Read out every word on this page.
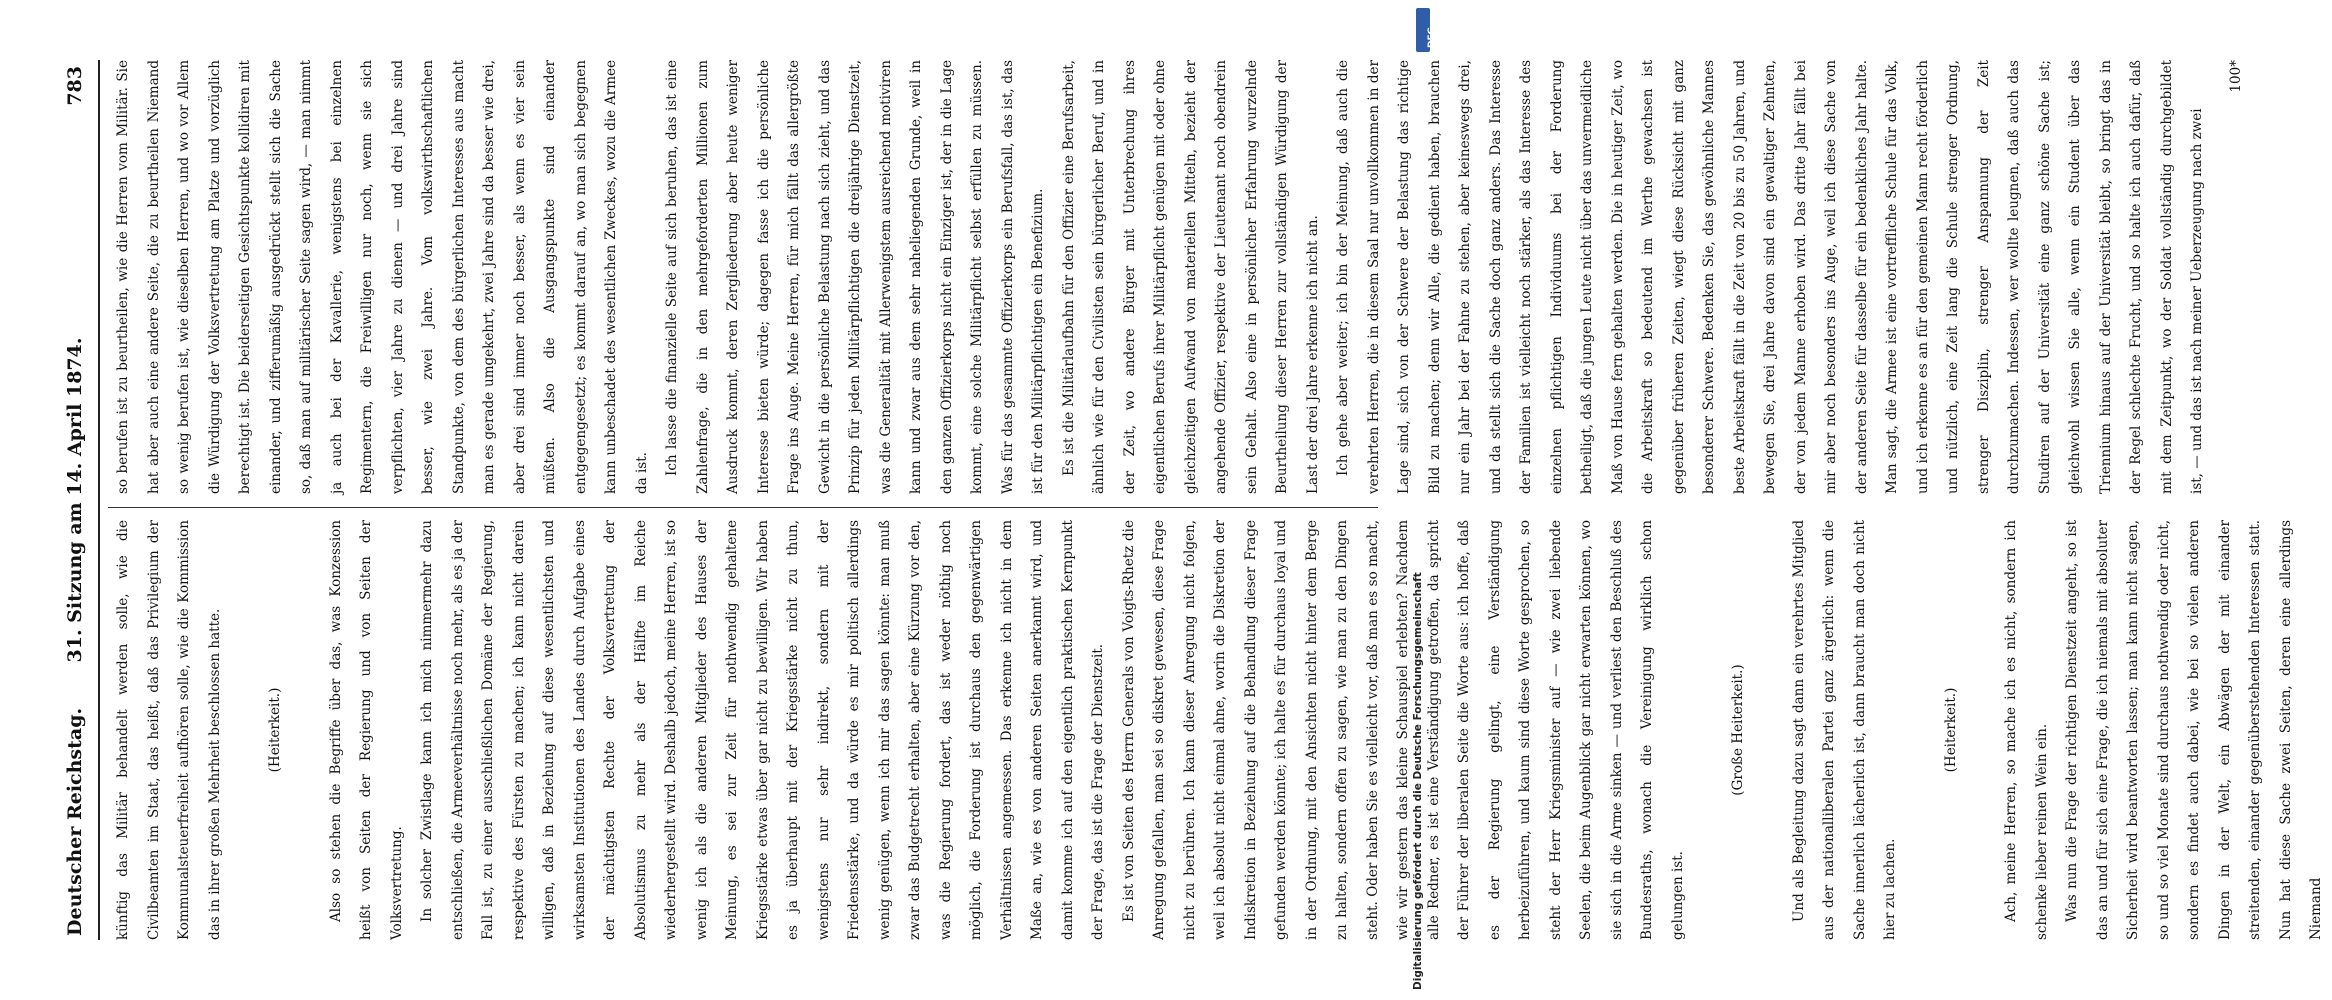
Deutscher Reichstag.
31. Sitzung am 14. April 1874.
783

künftig das Militär behandelt werden solle, wie die Civilbeamten im Staat, das heißt, daß das Privilegium der Kommunalsteuerfreiheit aufhören solle, wie die Kommission das in ihrer großen Mehrheit beschlossen hatte.	(Heiterkeit.)	Also so stehen die Begriffe über das, was Konzession heißt von Seiten der Regierung und von Seiten der Volksvertretung.	In solcher Zwistlage kann ich mich nimmermehr dazu entschließen, die Armeeverhältnisse noch mehr, als es ja der Fall ist, zu einer ausschließlichen Domäne der Regierung, respektive des Fürsten zu machen; ich kann nicht darein willigen, daß in Beziehung auf diese wesentlichsten und wirksamsten Institutionen des Landes durch Aufgabe eines der mächtigsten Rechte der Volksvertretung der Absolutismus zu mehr als der Hälfte im Reiche wiederhergestellt wird. Deshalb jedoch, meine Herren, ist so wenig ich als die anderen Mitglieder des Hauses der Meinung, es sei zur Zeit für nothwendig gehaltene Kriegsstärke etwas über gar nicht zu bewilligen. Wir haben es ja überhaupt mit der Kriegsstärke nicht zu thun, wenigstens nur sehr indirekt, sondern mit der Friedensstärke, und da würde es mir politisch allerdings wenig genügen, wenn ich mir das sagen könnte: man muß zwar das Budgetrecht erhalten, aber eine Kürzung vor den, was die Regierung fordert, das ist weder nöthig noch möglich, die Forderung ist durchaus den gegenwärtigen Verhältnissen angemessen. Das erkenne ich nicht in dem Maße an, wie es von anderen Seiten anerkannt wird, und damit komme ich auf den eigentlich praktischen Kernpunkt der Frage, das ist die Frage der Dienstzeit.	Es ist von Seiten des Herrn Generals von Voigts-Rhetz die Anregung gefallen, man sei so diskret gewesen, diese Frage nicht zu berühren. Ich kann dieser Anregung nicht folgen, weil ich absolut nicht einmal ahne, worin die Diskretion der Indiskretion in Beziehung auf die Behandlung dieser Frage gefunden werden könnte; ich halte es für durchaus loyal und in der Ordnung, mit den Ansichten nicht hinter dem Berge zu halten, sondern offen zu sagen, wie man zu den Dingen steht. Oder haben Sie es vielleicht vor, daß man es so macht, wie wir gestern das kleine Schauspiel erlebten? Nachdem alle Redner, es ist eine Verständigung getroffen, da spricht der Führer der liberalen Seite die Worte aus: ich hoffe, daß es der Regierung gelingt, eine Verständigung herbeizuführen, und kaum sind diese Worte gesprochen, so steht der Herr Kriegsminister auf — wie zwei liebende Seelen, die beim Augenblick gar nicht erwarten können, wo sie sich in die Arme sinken — und verliest den Beschluß des Bundesraths, wonach die Vereinigung wirklich schon gelungen ist.

(Große Heiterkeit.)	Und als Begleitung dazu sagt dann ein verehrtes Mitglied aus der nationalliberalen Partei ganz ärgerlich: wenn die Sache innerlich lächerlich ist, dann braucht man doch nicht hier zu lachen.

(Heiterkeit.)	Ach, meine Herren, so mache ich es nicht, sondern ich schenke lieber reinen Wein ein.	Was nun die Frage der richtigen Dienstzeit angeht, so ist das an und für sich eine Frage, die ich niemals mit absoluter Sicherheit wird beantworten lassen; man kann nicht sagen, so und so viel Monate sind durchaus nothwendig oder nicht, sondern es findet auch dabei, wie bei so vielen anderen Dingen in der Welt, ein Abwägen der mit einander streitenden, einander gegenüberstehenden Interessen statt. Nun hat diese Sache zwei Seiten, deren eine allerdings Niemand

so berufen ist zu beurtheilen, wie die Herren vom Militär. Sie hat aber auch eine andere Seite, die zu beurtheilen Niemand so wenig berufen ist, wie dieselben Herren, und wo vor Allem die Würdigung der Volksvertretung am Platze und vorzüglich berechtigt ist. Die beiderseitigen Gesichtspunkte kollidiren mit einander, und zifferumäßig ausgedrückt stellt sich die Sache so, daß man auf militärischer Seite sagen wird, — man nimmt ja auch bei der Kavallerie, wenigstens bei einzelnen Regimentern, die Freiwilligen nur noch, wenn sie sich verpflichten, vier Jahre zu dienen — und drei Jahre sind besser, wie zwei Jahre. Vom volkswirthschaftlichen Standpunkte, von dem des bürgerlichen Interesses aus macht man es gerade umgekehrt, zwei Jahre sind da besser wie drei, aber drei sind immer noch besser, als wenn es vier sein müßten. Also die Ausgangspunkte sind einander entgegengesetzt; es kommt darauf an, wo man sich begegnen kann unbeschadet des wesentlichen Zweckes, wozu die Armee da ist.	Ich lasse die finanzielle Seite auf sich beruhen, das ist eine Zahlenfrage, die in den mehrgeforderten Millionen zum Ausdruck kommt, deren Zergliederung aber heute weniger Interesse bieten würde; dagegen fasse ich die persönliche Frage ins Auge. Meine Herren, für mich fällt das allergrößte Gewicht in die persönliche Belastung nach sich zieht, und das Prinzip für jeden Militärpflichtigen die dreijährige Dienstzeit, was die Generalität mit Allerwenigstem ausreichend motiviren kann und zwar aus dem sehr naheliegenden Grunde, weil in den ganzen Offizierkorps nicht ein Einziger ist, der in die Lage kommt, eine solche Militärpflicht selbst erfüllen zu müssen. Was für das gesammte Offizierkorps ein Berufsfall, das ist, das ist für den Militärpflichtigen ein Benefizium.	Es ist die Militärlaufbahn für den Offizier eine Berufsarbeit, ähnlich wie für den Civilisten sein bürgerlicher Beruf, und in der Zeit, wo andere Bürger mit Unterbrechung ihres eigentlichen Berufs ihrer Militärpflicht genügen mit oder ohne gleichzeitigen Aufwand von materiellen Mitteln, bezieht der angehende Offizier, respektive der Lieutenant noch obendrein sein Gehalt. Also eine in persönlicher Erfahrung wurzelnde Beurtheilung dieser Herren zur vollständigen Würdigung der Last der drei Jahre erkenne ich nicht an.	Ich gehe aber weiter; ich bin der Meinung, daß auch die verehrten Herren, die in diesem Saal nur unvollkommen in der Lage sind, sich von der Schwere der Belastung das richtige Bild zu machen; denn wir Alle, die gedient haben, brauchen nur ein Jahr bei der Fahne zu stehen, aber keineswegs drei, und da stellt sich die Sache doch ganz anders. Das Interesse der Familien ist vielleicht noch stärker, als das Interesse des einzelnen pflichtigen Individuums bei der Forderung betheiligt, daß die jungen Leute nicht über das unvermeidliche Maß von Hause fern gehalten werden. Die in heutiger Zeit, wo die Arbeitskraft so bedeutend im Werthe gewachsen ist gegenüber früheren Zeiten, wiegt diese Rücksicht mit ganz besonderer Schwere. Bedenken Sie, das gewöhnliche Mannes beste Arbeitskraft fällt in die Zeit von 20 bis zu 50 Jahren, und bewegen Sie, drei Jahre davon sind ein gewaltiger Zehnten, der von jedem Manne erhoben wird. Das dritte Jahr fällt bei mir aber noch besonders ins Auge, weil ich diese Sache von der anderen Seite für dasselbe für ein bedenkliches Jahr halte. Man sagt, die Armee ist eine vortreffliche Schule für das Volk, und ich erkenne es an für den gemeinen Mann recht förderlich und nützlich, eine Zeit lang die Schule strenger Ordnung, strenger Disziplin, strenger Anspannung der Zeit durchzumachen. Indessen, wer wollte leugnen, daß auch das Studiren auf der Universität eine ganz schöne Sache ist; gleichwohl wissen Sie alle, wenn ein Student über das Triennium hinaus auf der Universität bleibt, so bringt das in der Regel schlechte Frucht, und so halte ich auch dafür, daß mit dem Zeitpunkt, wo der Soldat vollständig durchgebildet ist, — und das ist nach meiner Ueberzeugung nach zwei

100*

Digitalisierung gefördert durch die Deutsche Forschungsgemeinschaft
DFG
